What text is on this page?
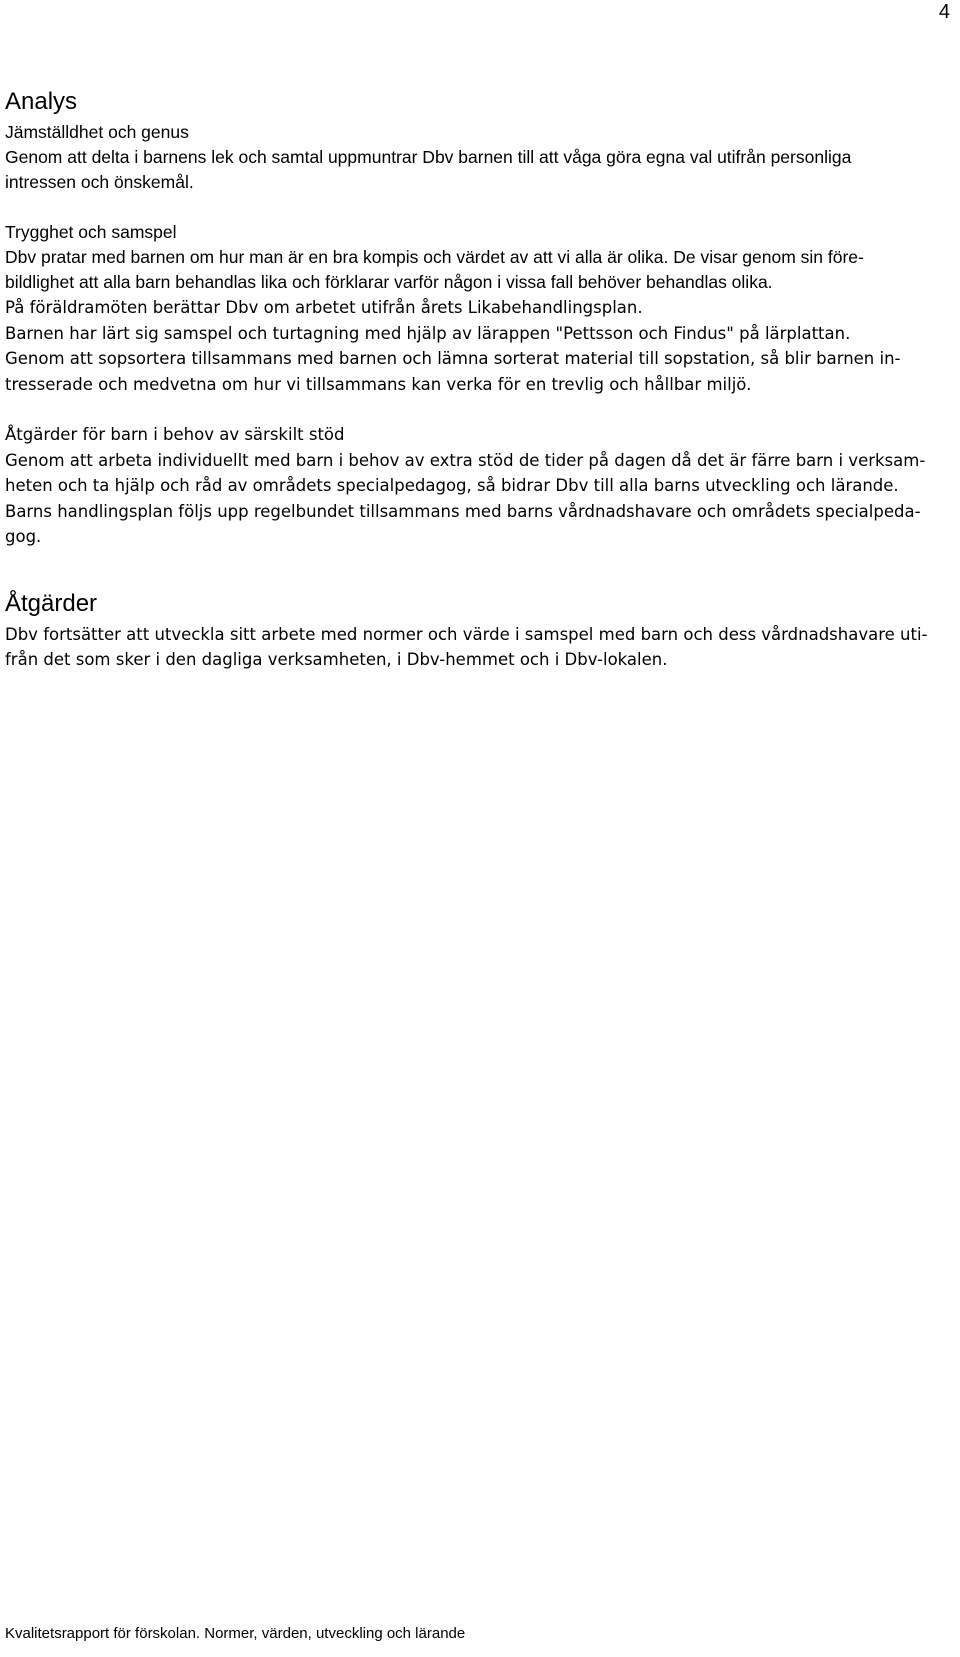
4
Analys
Jämställdhet och genus
Genom att delta i barnens lek och samtal uppmuntrar Dbv barnen till att våga göra egna val utifrån personliga
intressen och önskemål.
Trygghet och samspel
Dbv pratar med barnen om hur man är en bra kompis och värdet av att vi alla är olika. De visar genom sin före-
bildlighet att alla barn behandlas lika och förklarar varför någon i vissa fall behöver behandlas olika.
På föräldramöten berättar Dbv om arbetet utifrån årets Likabehandlingsplan.
Barnen har lärt sig samspel och turtagning med hjälp av lärappen "Pettsson och Findus" på lärplattan.
Genom att sopsortera tillsammans med barnen och lämna sorterat material till sopstation, så blir barnen in-
tresserade och medvetna om hur vi tillsammans kan verka för en trevlig och hållbar miljö.
Åtgärder för barn i behov av särskilt stöd
Genom att arbeta individuellt med barn i behov av extra stöd de tider på dagen då det är färre barn i verksam-
heten och ta hjälp och råd av områdets specialpedagog, så bidrar Dbv till alla barns utveckling och lärande.
Barns handlingsplan följs upp regelbundet tillsammans med barns vårdnadshavare och områdets specialpeda-
gog.
Åtgärder
Dbv fortsätter att utveckla sitt arbete med normer och värde i samspel med barn och dess vårdnadshavare uti-
från det som sker i den dagliga verksamheten, i Dbv-hemmet och i Dbv-lokalen.
Kvalitetsrapport för förskolan. Normer, värden, utveckling och lärande
